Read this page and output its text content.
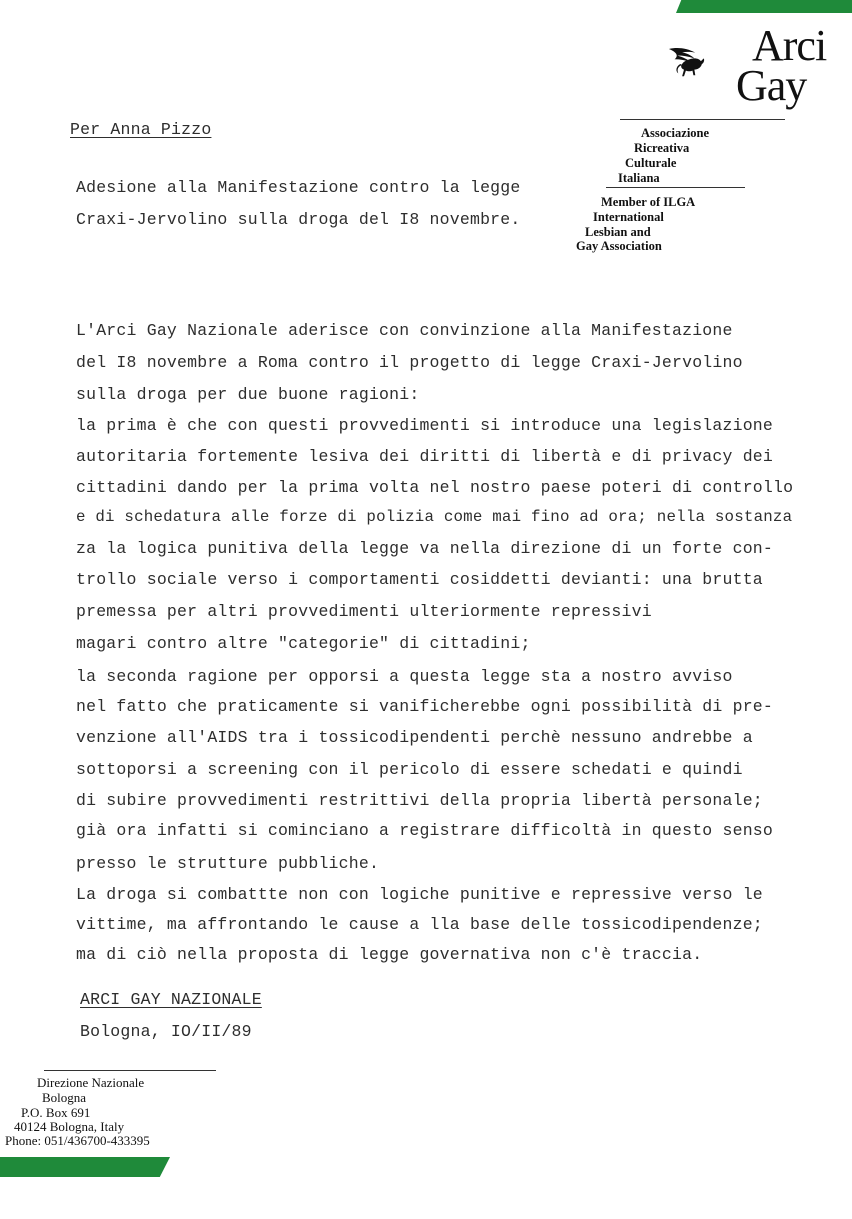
Arci
Gay
Associazione
Ricreativa
Culturale
Italiana
Member of ILGA
International
Lesbian and
Gay Association
Per Anna Pizzo
Adesione alla Manifestazione contro la legge
Craxi-Jervolino sulla droga del I8 novembre.
L'Arci Gay Nazionale aderisce con convinzione alla Manifestazione
del I8 novembre a Roma contro il progetto di legge Craxi-Jervolino
sulla droga per due buone ragioni:
la prima è che con questi provvedimenti si introduce una legislazione
autoritaria fortemente lesiva dei diritti di libertà e di privacy dei
cittadini dando per la prima volta nel nostro paese poteri di controllo
e di schedatura alle forze di polizia come mai fino ad ora; nella sostanza
za la logica punitiva della legge va nella direzione di un forte con-
trollo sociale verso i comportamenti cosiddetti devianti: una brutta
premessa per altri provvedimenti ulteriormente repressivi
magari contro altre "categorie" di cittadini;
la seconda ragione per opporsi a questa legge sta a nostro avviso
nel fatto che praticamente si vanificherebbe ogni possibilità di pre-
venzione all'AIDS tra i tossicodipendenti perchè nessuno andrebbe a
sottoporsi a screening con il pericolo di essere schedati e quindi
di subire provvedimenti restrittivi della propria libertà personale;
già ora infatti si cominciano a registrare difficoltà in questo senso
presso le strutture pubbliche.
La droga si combattte non con logiche punitive e repressive verso le
vittime, ma affrontando le cause a lla base delle tossicodipendenze;
ma di ciò nella proposta di legge governativa non c'è traccia.
ARCI GAY NAZIONALE
Bologna, IO/II/89
Direzione Nazionale
Bologna
P.O. Box 691
40124 Bologna, Italy
Phone: 051/436700-433395
